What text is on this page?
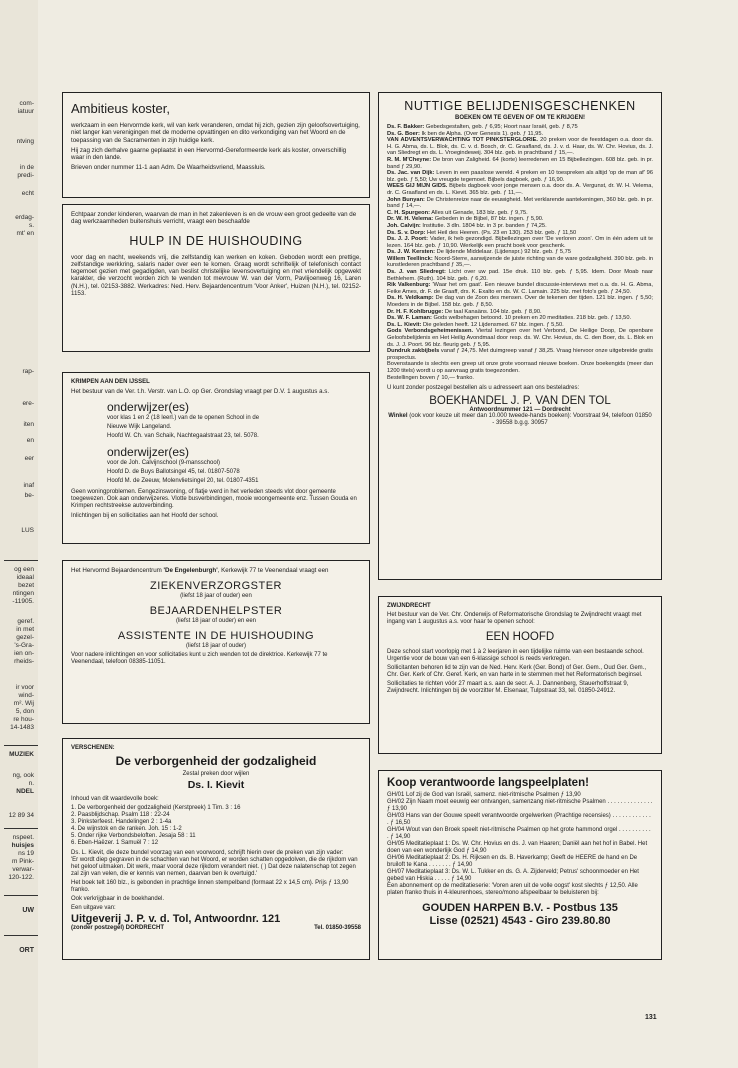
com-
iatuur
ntving
in de
predi-
echt
erdag-
s.
mt' en
rap-
ere-
iten
en
eer
inaf
be-
LUS
og een
ideaal
bezet
ntingen
-11905.
geref.
in met
gezel-
's-Gra-
ien on-
rheids-
ir voor
wind-
m². Wij
5, don
re hou-
14-1483
MUZIEK
ng, ook
n.
NDEL
12 89 34
nspeet.
huisjes
ns 19
m Pink-
verwar-
120-122.
UW
ORT
Ambitieus koster,

werkzaam in een Hervormde kerk, wil van kerk veranderen, omdat hij zich, gezien zijn geloofsovertuiging, niet langer kan verenigingen met de moderne opvattingen en dito verkondiging van het Woord en de toepassing van de Sacramenten in zijn huidige kerk.

Hij zag zich derhalve gaarne geplaatst in een Hervormd-Gereformeerde kerk als koster, onverschillig waar in den lande.

Brieven onder nummer 11-1 aan Adm. De Waarheidsvriend, Maassluis.

Echtpaar zonder kinderen, waarvan de man in het zakenleven is en de vrouw een groot gedeelte van de dag werkzaamheden buitenshuis verricht, vraagt een beschaafde

HULP IN DE HUISHOUDING

voor dag en nacht, weekends vrij, die zelfstandig kan werken en koken. Geboden wordt een prettige, zelfstandige werkkring, salaris nader over een te komen. Graag wordt schriftelijk of telefonisch contact tegemoet gezien met gegadigden, van beslist christelijke levensovertuiging en met vriendelijk opgewekt karakter, die verzocht worden zich te wenden tot mevrouw W. van der Vorm, Pavlijoenweg 16, Laren (N.H.), tel. 02153-3882. Werkadres: Ned. Herv. Bejaardencentrum 'Voor Anker', Huizen (N.H.), tel. 02152-1153.

KRIMPEN AAN DEN IJSSEL

Het bestuur van de Ver. t.h. Verstr. van L.O. op Ger. Grondslag vraagt per D.V. 1 augustus a.s.

onderwijzer(es)
voor klas 1 en 2 (18 leerl.) van de te openen School in de
Nieuwe Wijk Langeland.
Hoofd W. Ch. van Schaik, Nachtegaalstraat 23, tel. 5078.
onderwijzer(es)
voor de Joh. Calvijnschool (9-mansschool)
Hoofd D. de Buys Ballotsingel 45, tel. 01807-5078
Hoofd M. de Zeeuw, Molenvlietsingel 20, tel. 01807-4351

Geen woningproblemen. Eengezinswoning, of flatje werd in het verleden steeds vlot door gemeente toegewezen. Ook aan onderwijzeres. Vlotte busverbindingen, mooie woongemeente enz. Tussen Gouda en Krimpen rechtstreekse autoverbinding.

Inlichtingen bij en sollicitaties aan het Hoofd der school.

Het Hervormd Bejaardencentrum 'De Engelenburgh', Kerkewijk 77 te Veenendaal vraagt een

ZIEKENVERZORGSTER
(liefst 18 jaar of ouder) een
BEJAARDENHELPSTER
(liefst 18 jaar of ouder) en een
ASSISTENTE IN DE HUISHOUDING
(liefst 18 jaar of ouder)

Voor nadere inlichtingen en voor sollicitaties kunt u zich wenden tot de direktrice. Kerkewijk 77 te Veenendaal, telefoon 08385-11051.

VERSCHENEN:
De verborgenheid der godzaligheid
Zestal preken door wijlen
Ds. I. Kievit
Inhoud van dit waardevolle boek:
1. De verborgenheid der godzaligheid (Kerstpreek) 1 Tim. 3 : 16
2. Paasblijdschap. Psalm 118 : 22-24
3. Pinksterfeest. Handelingen 2 : 1-4a
4. De wijnstok en de ranken. Joh. 15 : 1-2
5. Onder rijke Verbondsbeloften. Jesaja 58 : 11
6. Eben-Haëzer. 1 Samuël 7 : 12

Ds. L. Kievit, die deze bundel voorzag van een voorwoord, schrijft hierin over de preken van zijn vader:

'Er wordt diep gegraven in de schachten van het Woord, er worden schatten opgedolven, die de rijkdom van het geloof uitmaken. Dit werk, maar vooral deze rijkdom verandert niet. ( ) Dat deze nalatenschap tot zegen zal zijn van velen, die er kennis van nemen, daarvan ben ik overtuigd.'

Het boek telt 160 blz., is gebonden in prachtige linnen stempelband (formaat 22 x 14,5 cm). Prijs ƒ 13,90 franko.

Ook verkrijgbaar in de boekhandel.

Een uitgave van:

Uitgeverij J. P. v. d. Tol, Antwoordnr. 121
(zonder postzegel) DORDRECHT	Tel. 01850-39558
NUTTIGE BELIJDENISGESCHENKEN
BOEKEN OM TE GEVEN OF OM TE KRIJGEN!

Ds. F. Bakker: Gebedsgestalten, geb. ƒ 6,95; Hoort naar Israël, geb. ƒ 8,75

Ds. G. Boer: Ik ben de Alpha. (Over Genesis 1). geb. ƒ 11,95.

VAN ADVENTSVERWACHTING TOT PINKSTERGLORIE. 20 preken voor de feestdagen o.a. door ds. H. G. Abma, ds. L. Blok, ds. C. v. d. Bosch, dr. C. Graafland, ds. J. v. d. Haar, ds. W. Chr. Hovius, ds. J. van Sliedregt en ds. L. Vroegindeweij. 304 blz. geb. in prachtband ƒ 15,—.

R. M. M'Cheyne: De bron van Zaligheid. 64 (korte) leerredenen en 15 Bijbellezingen. 608 blz. geb. in pr. band ƒ 29,90.

Ds. Jac. van Dijk: Leven in een paaslose wereld. 4 preken en 10 toespreken als altijd 'op de man af' 96 blz. geb. ƒ 5,50; Uw vreugde tegemoet. Bijbels dagboek, geb. ƒ 16,90.

WEES GIJ MIJN GIDS. Bijbels dagboek voor jonge mensen o.a. door ds. A. Vergunst, dr. W. H. Velema, dr. C. Graafland en ds. L. Kievit. 365 blz. geb. ƒ 11,—.

John Bunyan: De Christenreize naar de eeuwigheid. Met verklarende aantekeningen, 360 blz. geb. in pr. band ƒ 14,—.

C. H. Spurgeon: Alles uit Genade, 183 blz. geb. ƒ 9,75.

Dr. W. H. Velema: Gebeden in de Bijbel, 87 blz. ingen. ƒ 5,90.

Joh. Calvijn: Institutie. 3 dln. 1804 blz. in 3 pr. banden ƒ 74,25.

Ds. S. v. Dorp: Het Heil des Heeren. (Ps. 23 en 130). 253 blz. geb. ƒ 11,50

Ds. J. J. Poort: Vader, ik heb gezondigd. Bijbellezingen over 'De verloren zoon'. Om in één adem uit te lezen. 164 blz. geb. ƒ 10,90. Werkelijk een pracht boek voor geschenk.

Ds. J. W. Kersten: De lijdende Middelaar. (Lijdenspr.) 92 blz. geb. ƒ 5,75

Willem Teellinck: Noord-Sterre, aanwijzende de juiste richting van de ware godzaligheid. 390 blz. geb. in kunstlederen prachtband ƒ 35,—.

Ds. J. van Sliedregt: Licht over uw pad. 15e druk. 110 blz. geb. ƒ 5,95. Idem. Door Moab naar Bethlehem. (Ruth). 104 blz. geb. ƒ 6,20.

Rik Valkenburg: 'Waar het om gaat'. Een nieuwe bundel discussie-interviews met o.a. ds. H. G. Abma, Feike Ames, dr. F. de Graaff, drs. K. Exalto en ds. W. C. Lamain. 225 blz. met foto's geb. ƒ 24,50.

Ds. H. Veldkamp: De dag van de Zoon des mensen. Over de tekenen der tijden. 121 blz. ingen. ƒ 5,50; Moeders in de Bijbel. 158 blz. geb. ƒ 8,50.

Dr. H. F. Kohlbrugge: De taal Kanaäns. 104 blz. geb. ƒ 8,90.

Ds. W. F. Laman: Gods welbehagen betoond. 10 preken en 20 meditaties. 218 blz. geb. ƒ 13,50.

Ds. L. Kievit: Die geleden heeft. 12 Lijdensmed. 67 blz. ingen. ƒ 5,50.

Gods Verbondsgeheimenissen. Viertal lezingen over het Verbond, De Heilige Doop, De openbare Geloofsbelijdenis en Het Heilig Avondmaal door resp. ds. W. Chr. Hovius, ds. C. den Boer, ds. L. Blok en ds. J. J. Poort. 96 blz. fleurig geb. ƒ 5,95.

Dundruk zakbijbels vanaf ƒ 24,75. Met duimgreep vanaf ƒ 38,25. Vraag hiervoor onze uitgebreide gratis prospectus.

Bovenstaande is slechts een greep uit onze grote voorraad nieuwe boeken. Onze boekengids (meer dan 1200 titels) wordt u op aanvraag gratis toegezonden.

Bestellingen boven ƒ 10,— franko.

U kunt zonder postzegel bestellen als u adresseert aan ons besteladres:

BOEKHANDEL J. P. VAN DEN TOL
Antwoordnummer 121 — Dordrecht

Winkel (ook voor keuze uit meer dan 10.000 tweede-hands boeken): Voorstraat 94, telefoon 01850 - 39558 b.g.g. 30957

ZWIJNDRECHT

Het bestuur van de Ver. Chr. Onderwijs of Reformatorische Grondslag te Zwijndrecht vraagt met ingang van 1 augustus a.s. voor haar te openen school:

EEN HOOFD

Deze school start voorlopig met 1 à 2 leerjaren in een tijdelijke ruimte van een bestaande school. Urgentie voor de bouw van een 6-klassige school is reeds verkregen.

Sollicitanten behoren lid te zijn van de Ned. Herv. Kerk (Ger. Bond) of Ger. Gem., Oud Ger. Gem., Chr. Ger. Kerk of Chr. Geref. Kerk, en van harte in te stemmen met het Reformatorisch beginsel.

Sollicitaties te richten vóór 27 maart a.s. aan de secr. A. J. Dannenberg, Stauerhoffstraat 9, Zwijndrecht. Inlichtingen bij de voorzitter M. Elsenaar, Tulpstraat 33, tel. 01850-24912.

Koop verantwoorde langspeelplaten!

GH/01 Lof zij de God van Israël, samenz. niet-ritmische Psalmen ƒ 13,90

GH/02 Zijn Naam moet eeuwig eer ontvangen, samenzang niet-ritmische Psalmen . . . . . . . . . . . . . . ƒ 13,90

GH/03 Hans van der Gouwe speelt verantwoorde orgelwerken (Prachtige recensies) . . . . . . . . . . . . . ƒ 16,50

GH/04 Wout van den Broek speelt niet-ritmische Psalmen op het grote hammond orgel . . . . . . . . . . . ƒ 14,90

GH/05 Meditatieplaat 1: Ds. W. Chr. Hovius en ds. J. van Haaren; Daniël aan het hof in Babel. Het doen van een wonderlijk God ƒ 14,90

GH/06 Meditatieplaat 2: Ds. H. Rijksen en ds. B. Haverkamp; Geeft de HEERE de hand en De bruiloft te Kana . . . . . . . ƒ 14,90

GH/07 Meditatieplaat 3: Ds. W. L. Tukker en ds. G. A. Zijderveld; Petrus' schoonmoeder en Het gebed van Hiskia . . . . . ƒ 14,90

Een abonnement op de meditatieserie: 'Voren aren uit de volle oogst' kost slechts ƒ 12,50. Alle platen franko thuis in 4-kleurenhoes, stereo/mono afspeelbaar te beluisteren bij:

GOUDEN HARPEN B.V. - Postbus 135
Lisse (02521) 4543 - Giro 239.80.80
131
